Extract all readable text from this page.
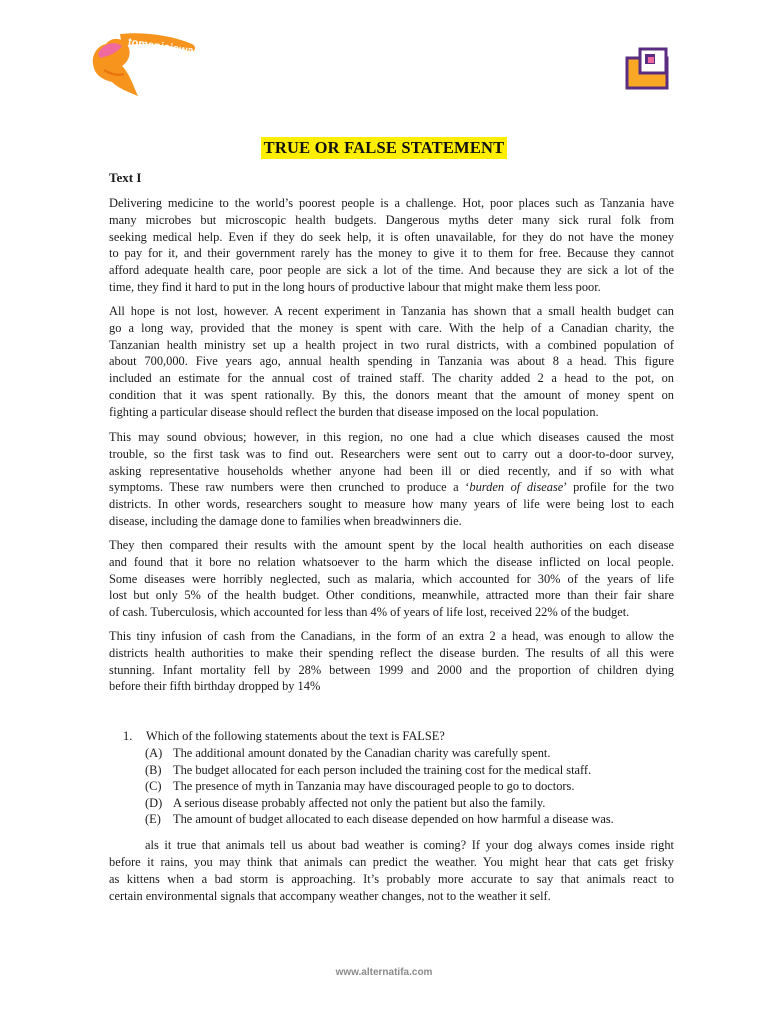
tomanisiswa
TRUE OR FALSE STATEMENT
Text I

Delivering medicine to the world’s poorest people is a challenge. Hot, poor places such as Tanzania have
many microbes but microscopic health budgets. Dangerous myths deter many sick rural folk from
seeking medical help. Even if they do seek help, it is often unavailable, for they do not have the money
to pay for it, and their government rarely has the money to give it to them for free. Because they cannot
afford adequate health care, poor people are sick a lot of the time. And because they are sick a lot of the
time, they find it hard to put in the long hours of productive labour that might make them less poor.

All hope is not lost, however. A recent experiment in Tanzania has shown that a small health budget can
go a long way, provided that the money is spent with care. With the help of a Canadian charity, the
Tanzanian health ministry set up a health project in two rural districts, with a combined population of
about 700,000. Five years ago, annual health spending in Tanzania was about 8 a head. This figure
included an estimate for the annual cost of trained staff. The charity added 2 a head to the pot, on
condition that it was spent rationally. By this, the donors meant that the amount of money spent on
fighting a particular disease should reflect the burden that disease imposed on the local population.

This may sound obvious; however, in this region, no one had a clue which diseases caused the most
trouble, so the first task was to find out. Researchers were sent out to carry out a door-to-door survey,
asking representative households whether anyone had been ill or died recently, and if so with what
symptoms. These raw numbers were then crunched to produce a ‘burden of disease’ profile for the two
districts. In other words, researchers sought to measure how many years of life were being lost to each
disease, including the damage done to families when breadwinners die.

They then compared their results with the amount spent by the local health authorities on each disease
and found that it bore no relation whatsoever to the harm which the disease inflicted on local people.
Some diseases were horribly neglected, such as malaria, which accounted for 30% of the years of life
lost but only 5% of the health budget. Other conditions, meanwhile, attracted more than their fair share
of cash. Tuberculosis, which accounted for less than 4% of years of life lost, received 22% of the budget.

This tiny infusion of cash from the Canadians, in the form of an extra 2 a head, was enough to allow the
districts health authorities to make their spending reflect the disease burden. The results of all this were
stunning. Infant mortality fell by 28% between 1999 and 2000 and the proportion of children dying
before their fifth birthday dropped by 14%

1. Which of the following statements about the text is FALSE?
(A) The additional amount donated by the Canadian charity was carefully spent.
(B) The budget allocated for each person included the training cost for the medical staff.
(C) The presence of myth in Tanzania may have discouraged people to go to doctors.
(D) A serious disease probably affected not only the patient but also the family.
(E) The amount of budget allocated to each disease depended on how harmful a disease was.

als it true that animals tell us about bad weather is coming? If your dog always comes inside right
before it rains, you may think that animals can predict the weather. You might hear that cats get frisky
as kittens when a bad storm is approaching. It’s probably more accurate to say that animals react to
certain environmental signals that accompany weather changes, not to the weather it self.

www.alternatifa.com
